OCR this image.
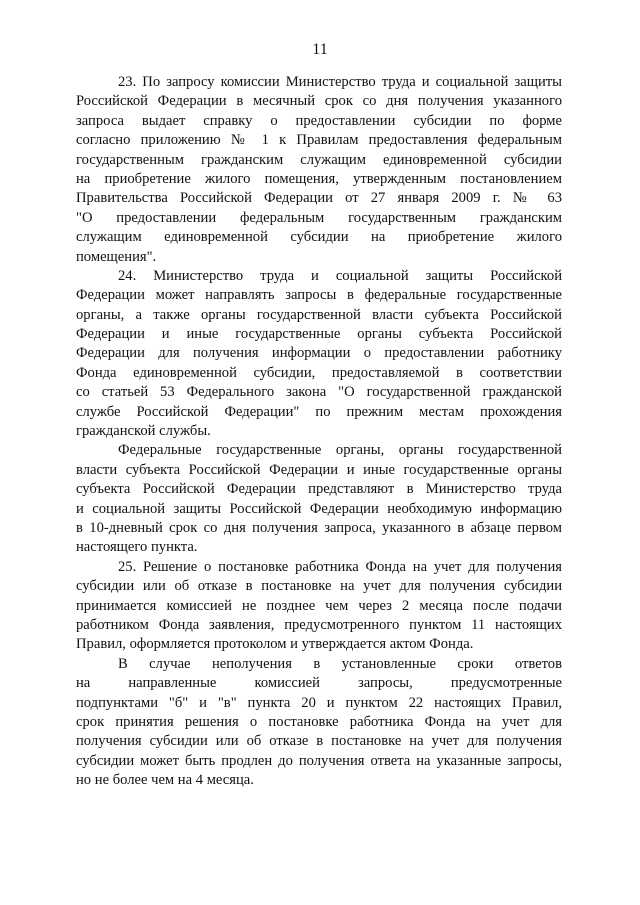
11
23. По запросу комиссии Министерство труда и социальной защиты
Российской Федерации в месячный срок со дня получения указанного
запроса выдает справку о предоставлении субсидии по форме
согласно приложению № 1 к Правилам предоставления федеральным
государственным гражданским служащим единовременной субсидии
на приобретение жилого помещения, утвержденным постановлением
Правительства Российской Федерации от 27 января 2009 г. № 63
"О предоставлении федеральным государственным гражданским
служащим единовременной субсидии на приобретение жилого
помещения".
24. Министерство труда и социальной защиты Российской
Федерации может направлять запросы в федеральные государственные
органы, а также органы государственной власти субъекта Российской
Федерации и иные государственные органы субъекта Российской
Федерации для получения информации о предоставлении работнику
Фонда единовременной субсидии, предоставляемой в соответствии
со статьей 53 Федерального закона "О государственной гражданской
службе Российской Федерации" по прежним местам прохождения
гражданской службы.
Федеральные государственные органы, органы государственной
власти субъекта Российской Федерации и иные государственные органы
субъекта Российской Федерации представляют в Министерство труда
и социальной защиты Российской Федерации необходимую информацию
в 10-дневный срок со дня получения запроса, указанного в абзаце первом
настоящего пункта.
25. Решение о постановке работника Фонда на учет для получения
субсидии или об отказе в постановке на учет для получения субсидии
принимается комиссией не позднее чем через 2 месяца после подачи
работником Фонда заявления, предусмотренного пунктом 11 настоящих
Правил, оформляется протоколом и утверждается актом Фонда.
В случае неполучения в установленные сроки ответов
на направленные комиссией запросы, предусмотренные
подпунктами "б" и "в" пункта 20 и пунктом 22 настоящих Правил,
срок принятия решения о постановке работника Фонда на учет для
получения субсидии или об отказе в постановке на учет для получения
субсидии может быть продлен до получения ответа на указанные запросы,
но не более чем на 4 месяца.
